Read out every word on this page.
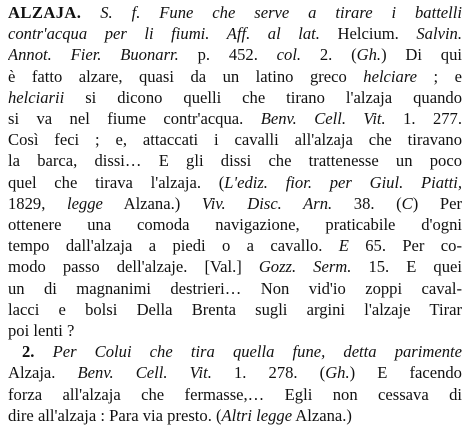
ALZAJA. S. f. Fune che serve a tirare i battelli
contr'acqua per li fiumi. Aff. al lat. Helcium. Salvin.
Annot. Fier. Buonarr. p. 452. col. 2. (Gh.) Di qui
è fatto alzare, quasi da un latino greco helciare ; e
helciarii si dicono quelli che tirano l'alzaja quando
si va nel fiume contr'acqua. Benv. Cell. Vit. 1. 277.
Così feci ; e, attaccati i cavalli all'alzaja che tiravano
la barca, dissi… E gli dissi che trattenesse un poco
quel che tirava l'alzaja. (L'ediz. fior. per Giul. Piatti,
1829, legge Alzana.) Viv. Disc. Arn. 38. (C) Per
ottenere una comoda navigazione, praticabile d'ogni
tempo dall'alzaja a piedi o a cavallo. E 65. Per co-
modo passo dell'alzaje. [Val.] Gozz. Serm. 15. E quei
un di magnanimi destrieri… Non vid'io zoppi caval-
lacci e bolsi Della Brenta sugli argini l'alzaje Tirar
poi lenti ?
2. Per Colui che tira quella fune, detta parimente
Alzaja. Benv. Cell. Vit. 1. 278. (Gh.) E facendo
forza all'alzaja che fermasse,… Egli non cessava di
dire all'alzaja : Para via presto. (Altri legge Alzana.)
